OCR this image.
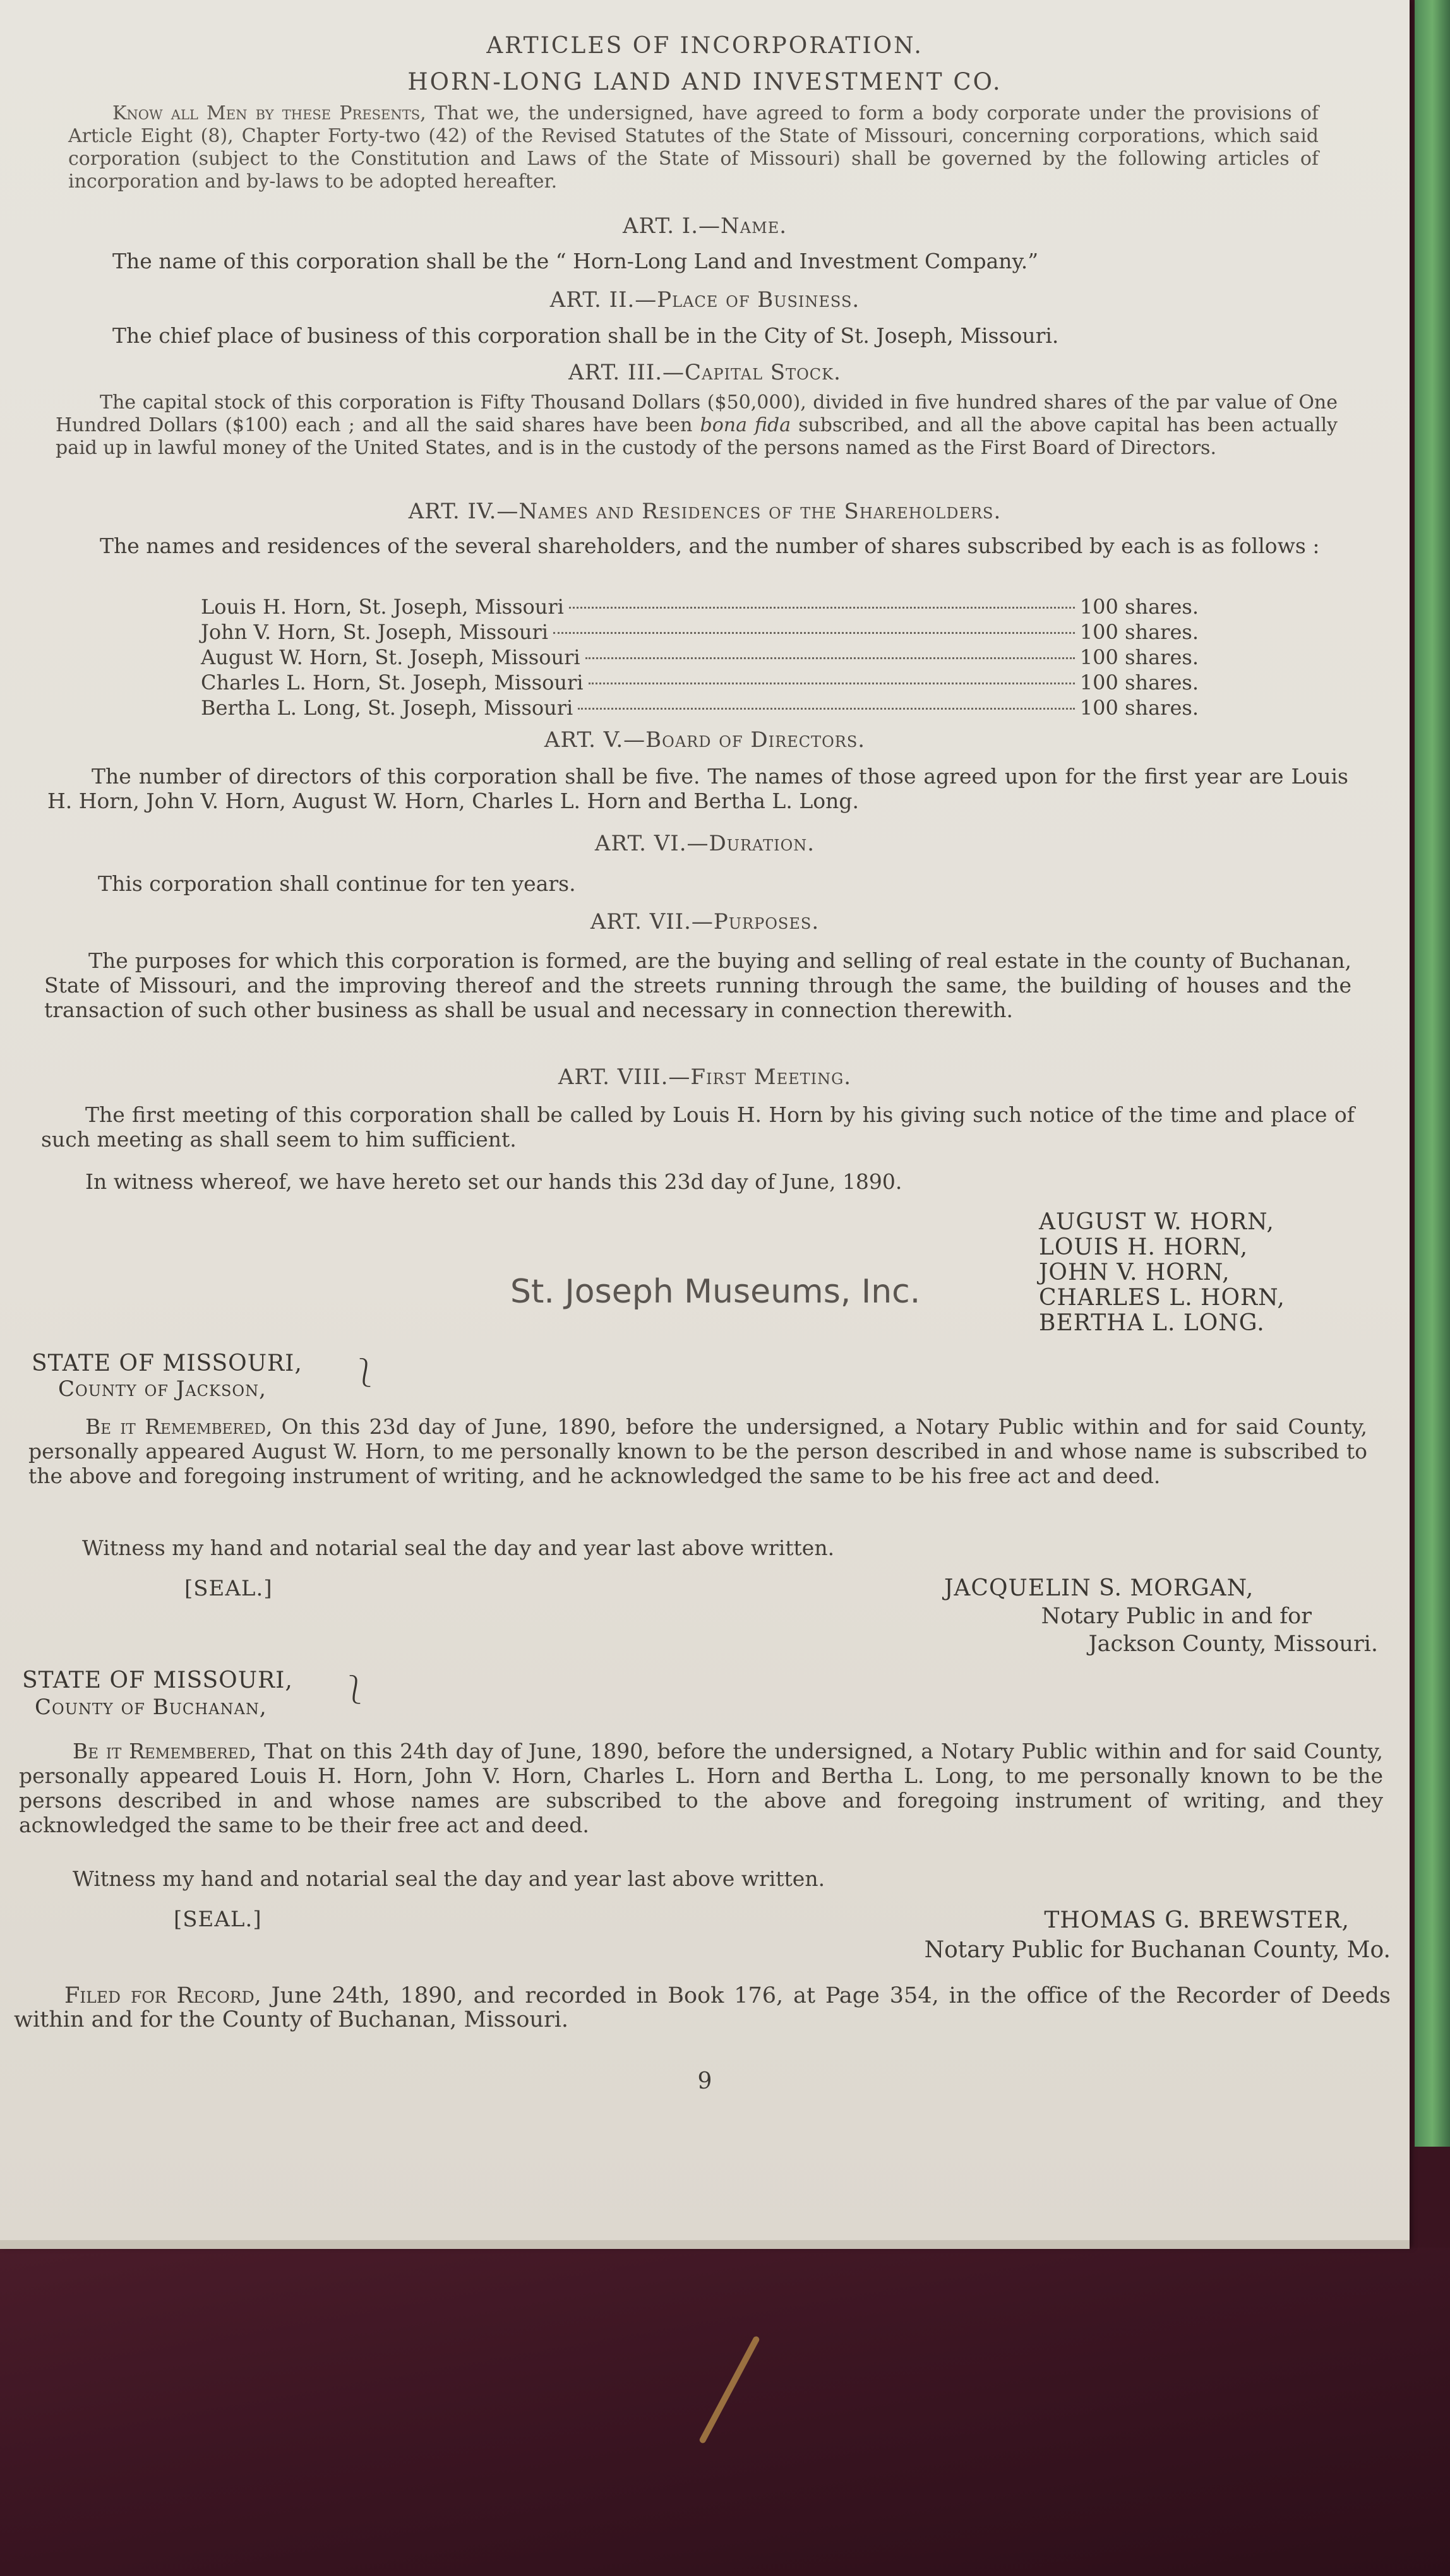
ARTICLES OF INCORPORATION.
HORN-LONG LAND AND INVESTMENT CO.
Know all Men by these Presents, That we, the undersigned, have agreed to form a body corporate under the provisions of Article Eight (8), Chapter Forty-two (42) of the Revised Statutes of the State of Missouri, concerning corporations, which said corporation (subject to the Constitution and Laws of the State of Missouri) shall be governed by the following articles of incorporation and by-laws to be adopted hereafter.
ART. I.—Name.
The name of this corporation shall be the “ Horn-Long Land and Investment Company.”
ART. II.—Place of Business.
The chief place of business of this corporation shall be in the City of St. Joseph, Missouri.
ART. III.—Capital Stock.
The capital stock of this corporation is Fifty Thousand Dollars ($50,000), divided in five hundred shares of the par value of One Hundred Dollars ($100) each ; and all the said shares have been bona fida subscribed, and all the above capital has been actually paid up in lawful money of the United States, and is in the custody of the persons named as the First Board of Directors.
ART. IV.—Names and Residences of the Shareholders.
The names and residences of the several shareholders, and the number of shares subscribed by each is as follows :
Louis H. Horn, St. Joseph, Missouri	100 shares.
John V. Horn, St. Joseph, Missouri	100 shares.
August W. Horn, St. Joseph, Missouri	100 shares.
Charles L. Horn, St. Joseph, Missouri	100 shares.
Bertha L. Long, St. Joseph, Missouri	100 shares.
ART. V.—Board of Directors.
The number of directors of this corporation shall be five. The names of those agreed upon for the first year are Louis H. Horn, John V. Horn, August W. Horn, Charles L. Horn and Bertha L. Long.
ART. VI.—Duration.
This corporation shall continue for ten years.
ART. VII.—Purposes.
The purposes for which this corporation is formed, are the buying and selling of real estate in the county of Buchanan, State of Missouri, and the improving thereof and the streets running through the same, the building of houses and the transaction of such other business as shall be usual and necessary in connection therewith.
ART. VIII.—First Meeting.
The first meeting of this corporation shall be called by Louis H. Horn by his giving such notice of the time and place of such meeting as shall seem to him sufficient.
In witness whereof, we have hereto set our hands this 23d day of June, 1890.
AUGUST W. HORN,
LOUIS H. HORN,
JOHN V. HORN,
CHARLES L. HORN,
BERTHA L. LONG.
St. Joseph Museums, Inc.
STATE OF MISSOURI,
County of Jackson,	⎱
Be it Remembered, On this 23d day of June, 1890, before the undersigned, a Notary Public within and for said County, personally appeared August W. Horn, to me personally known to be the person described in and whose name is subscribed to the above and foregoing instrument of writing, and he acknowledged the same to be his free act and deed.
Witness my hand and notarial seal the day and year last above written.
[SEAL.]	JACQUELIN S. MORGAN,
Notary Public in and for
Jackson County, Missouri.
STATE OF MISSOURI,
County of Buchanan,
⎱
Be it Remembered, That on this 24th day of June, 1890, before the undersigned, a Notary Public within and for said County, personally appeared Louis H. Horn, John V. Horn, Charles L. Horn and Bertha L. Long, to me personally known to be the persons described in and whose names are subscribed to the above and foregoing instrument of writing, and they acknowledged the same to be their free act and deed.
Witness my hand and notarial seal the day and year last above written.
[SEAL.]	THOMAS G. BREWSTER,
Notary Public for Buchanan County, Mo.
Filed for Record, June 24th, 1890, and recorded in Book 176, at Page 354, in the office of the Recorder of Deeds within and for the County of Buchanan, Missouri.
9
